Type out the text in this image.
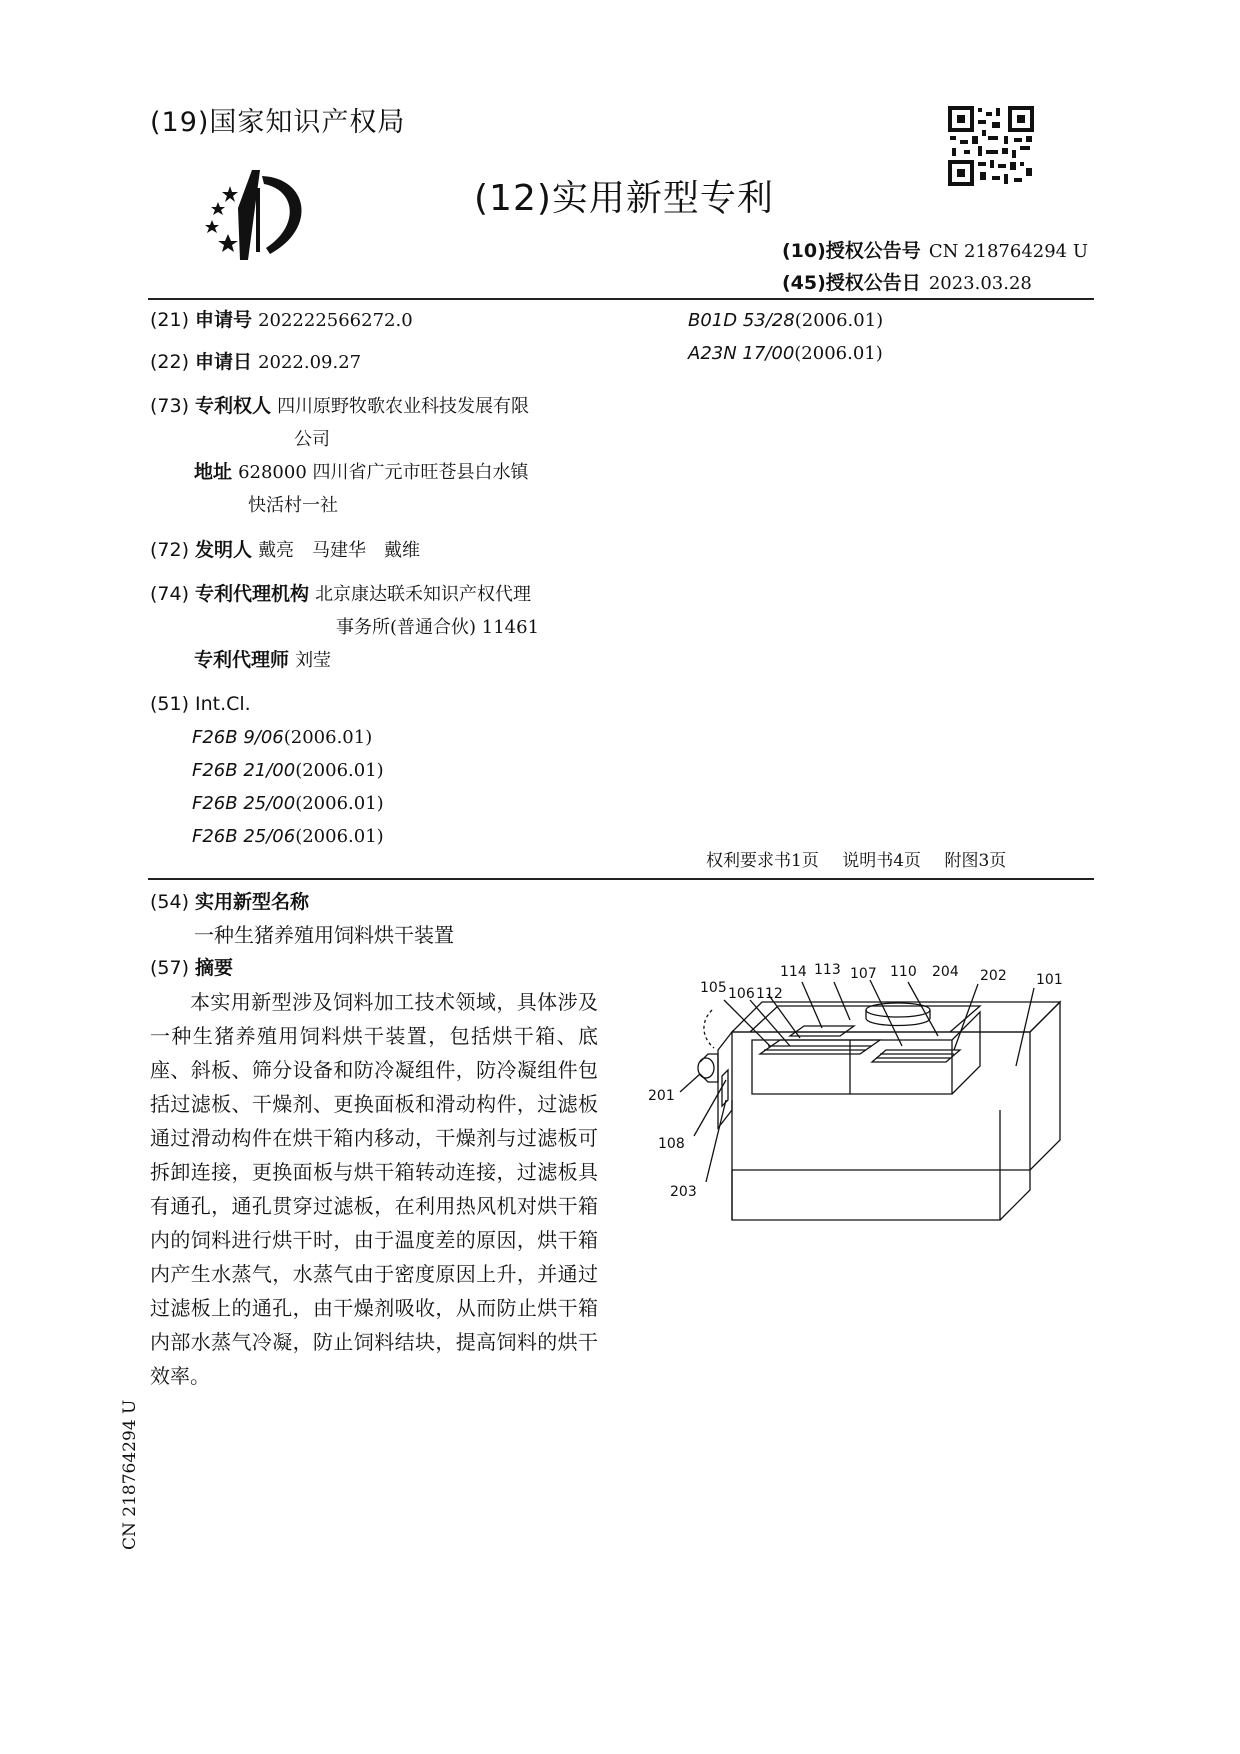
(19)国家知识产权局
(12)实用新型专利
(10)授权公告号 CN 218764294 U
(45)授权公告日 2023.03.28
(21) 申请号 202222566272.0
(22) 申请日 2022.09.27
(73) 专利权人 四川原野牧歌农业科技发展有限
公司
地址 628000 四川省广元市旺苍县白水镇
快活村一社
(72) 发明人 戴亮　马建华　戴维
(74) 专利代理机构 北京康达联禾知识产权代理
事务所(普通合伙) 11461
专利代理师 刘莹
(51) Int.Cl.
F26B 9/06(2006.01)
F26B 21/00(2006.01)
F26B 25/00(2006.01)
F26B 25/06(2006.01)
B01D 53/28(2006.01)
A23N 17/00(2006.01)
权利要求书1页 说明书4页 附图3页
(54) 实用新型名称
一种生猪养殖用饲料烘干装置
(57) 摘要
本实用新型涉及饲料加工技术领域，具体涉及一种生猪养殖用饲料烘干装置，包括烘干箱、底座、斜板、筛分设备和防冷凝组件，防冷凝组件包括过滤板、干燥剂、更换面板和滑动构件，过滤板通过滑动构件在烘干箱内移动，干燥剂与过滤板可拆卸连接，更换面板与烘干箱转动连接，过滤板具有通孔，通孔贯穿过滤板，在利用热风机对烘干箱内的饲料进行烘干时，由于温度差的原因，烘干箱内产生水蒸气，水蒸气由于密度原因上升，并通过过滤板上的通孔，由干燥剂吸收，从而防止烘干箱内部水蒸气冷凝，防止饲料结块，提高饲料的烘干效率。
105 106 112
114 113 107 110 204 202 101
201
108
203
CN 218764294 U
